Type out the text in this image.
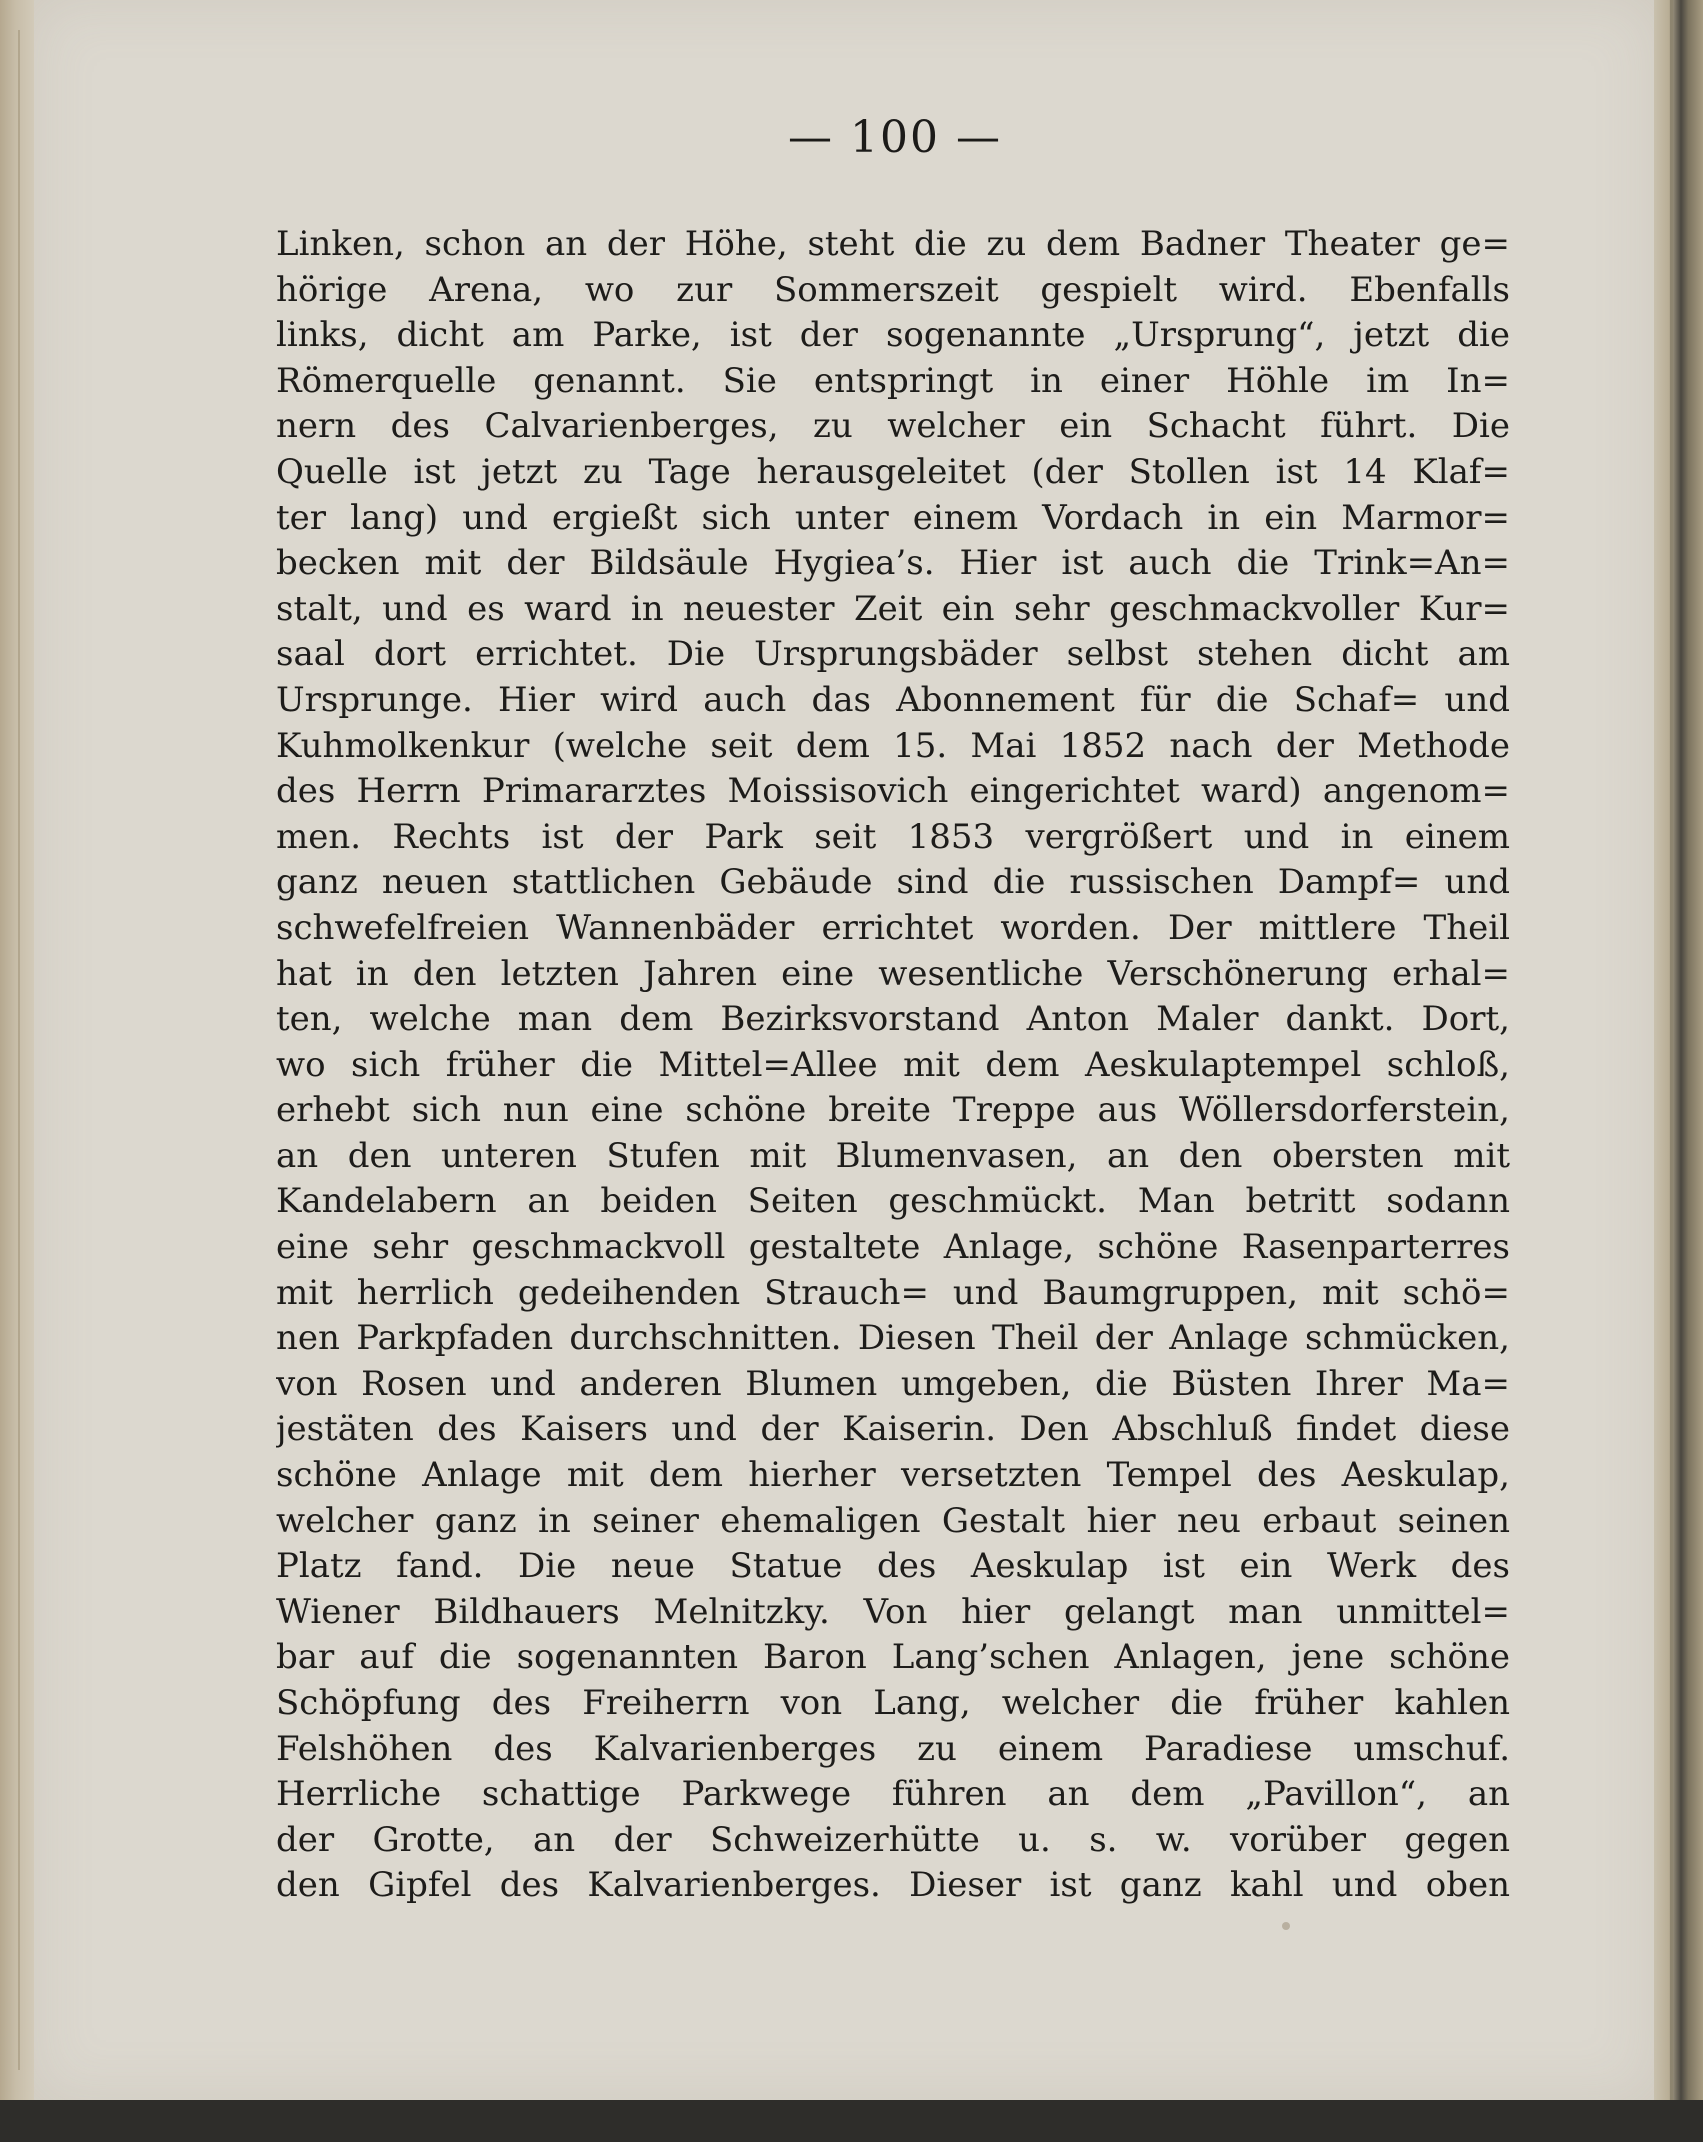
— 100 —
Linken, schon an der Höhe, steht die zu dem Badner Theater ge=
hörige Arena, wo zur Sommerszeit gespielt wird. Ebenfalls
links, dicht am Parke, ist der sogenannte „Ursprung“, jetzt die
Römerquelle genannt. Sie entspringt in einer Höhle im In=
nern des Calvarienberges, zu welcher ein Schacht führt. Die
Quelle ist jetzt zu Tage herausgeleitet (der Stollen ist 14 Klaf=
ter lang) und ergießt sich unter einem Vordach in ein Marmor=
becken mit der Bildsäule Hygiea’s. Hier ist auch die Trink=An=
stalt, und es ward in neuester Zeit ein sehr geschmackvoller Kur=
saal dort errichtet. Die Ursprungsbäder selbst stehen dicht am
Ursprunge. Hier wird auch das Abonnement für die Schaf= und
Kuhmolkenkur (welche seit dem 15. Mai 1852 nach der Methode
des Herrn Primararztes Moissisovich eingerichtet ward) angenom=
men. Rechts ist der Park seit 1853 vergrößert und in einem
ganz neuen stattlichen Gebäude sind die russischen Dampf= und
schwefelfreien Wannenbäder errichtet worden. Der mittlere Theil
hat in den letzten Jahren eine wesentliche Verschönerung erhal=
ten, welche man dem Bezirksvorstand Anton Maler dankt. Dort,
wo sich früher die Mittel=Allee mit dem Aeskulaptempel schloß,
erhebt sich nun eine schöne breite Treppe aus Wöllersdorferstein,
an den unteren Stufen mit Blumenvasen, an den obersten mit
Kandelabern an beiden Seiten geschmückt. Man betritt sodann
eine sehr geschmackvoll gestaltete Anlage, schöne Rasenparterres
mit herrlich gedeihenden Strauch= und Baumgruppen, mit schö=
nen Parkpfaden durchschnitten. Diesen Theil der Anlage schmücken,
von Rosen und anderen Blumen umgeben, die Büsten Ihrer Ma=
jestäten des Kaisers und der Kaiserin. Den Abschluß findet diese
schöne Anlage mit dem hierher versetzten Tempel des Aeskulap,
welcher ganz in seiner ehemaligen Gestalt hier neu erbaut seinen
Platz fand. Die neue Statue des Aeskulap ist ein Werk des
Wiener Bildhauers Melnitzky. Von hier gelangt man unmittel=
bar auf die sogenannten Baron Lang’schen Anlagen, jene schöne
Schöpfung des Freiherrn von Lang, welcher die früher kahlen
Felshöhen des Kalvarienberges zu einem Paradiese umschuf.
Herrliche schattige Parkwege führen an dem „Pavillon“, an
der Grotte, an der Schweizerhütte u. s. w. vorüber gegen
den Gipfel des Kalvarienberges. Dieser ist ganz kahl und oben
